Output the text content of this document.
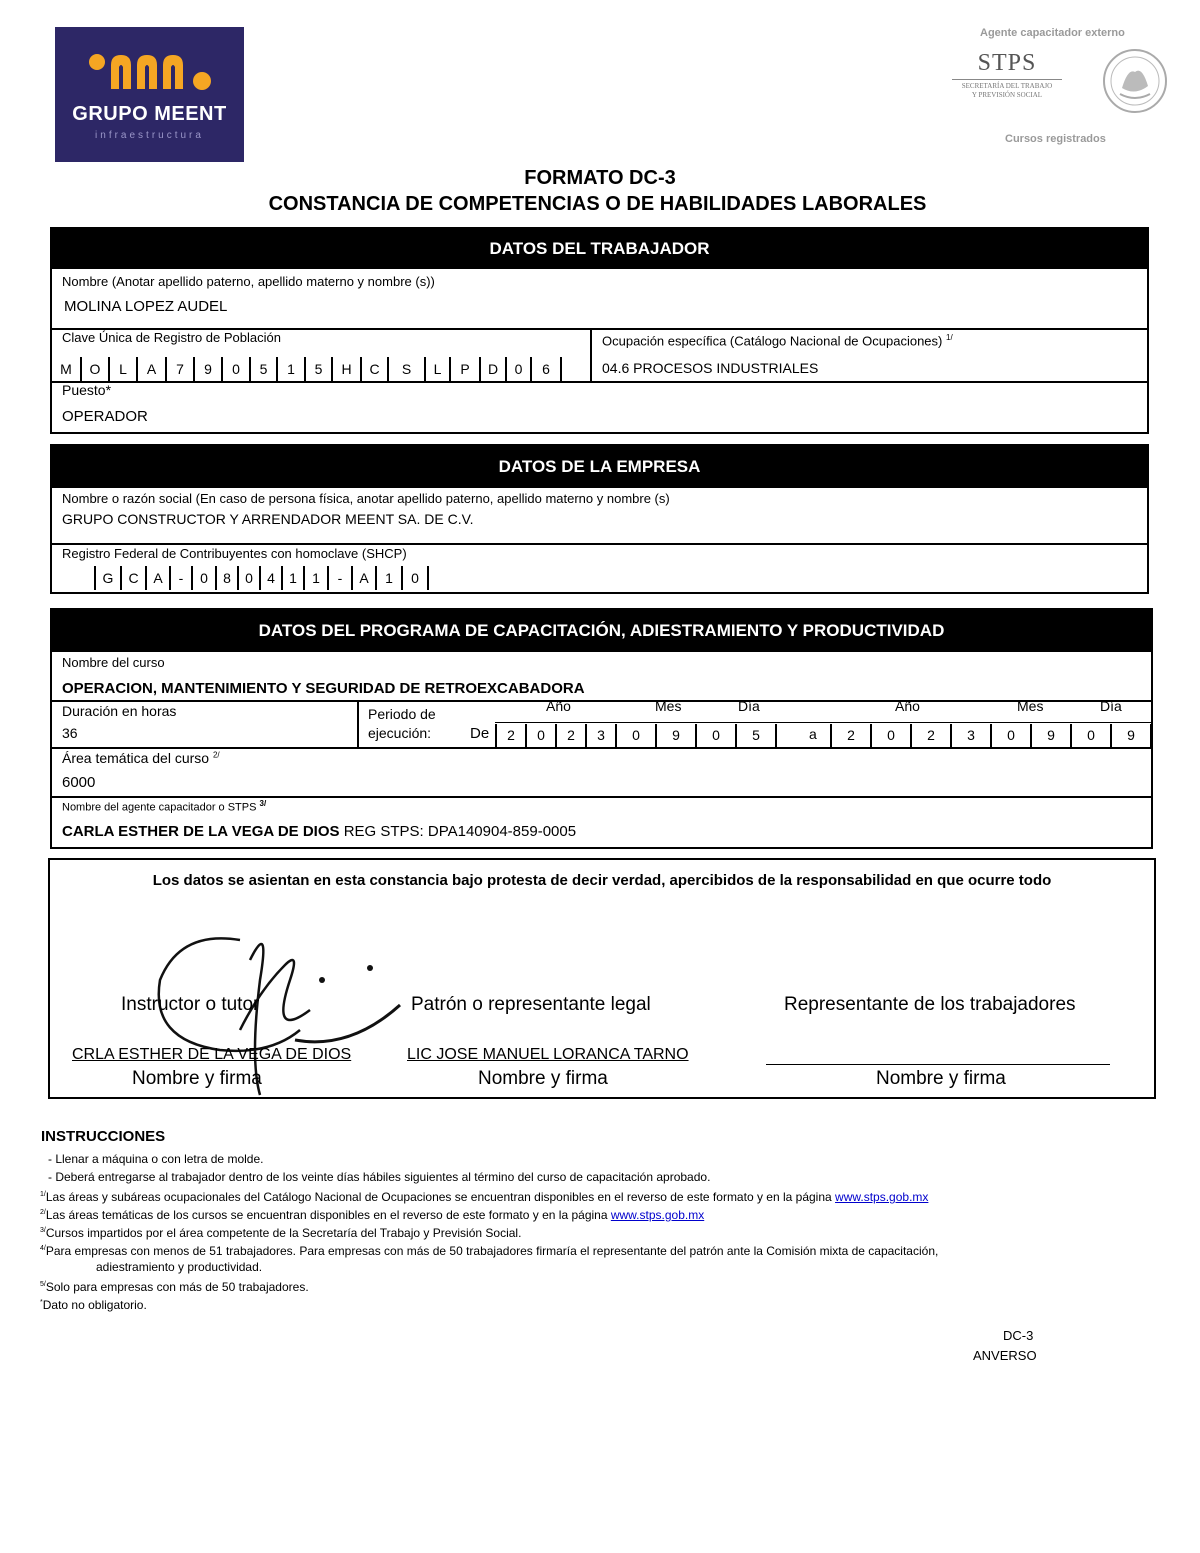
GRUPO MEENT
infraestructura
Agente capacitador externo
STPS
SECRETARÍA DEL TRABAJO
Y PREVISIÓN SOCIAL
Cursos registrados
FORMATO DC-3
CONSTANCIA DE COMPETENCIAS O DE HABILIDADES LABORALES
DATOS DEL TRABAJADOR
Nombre (Anotar apellido paterno, apellido materno y nombre (s))
MOLINA LOPEZ AUDEL
Clave Única de Registro de Población
M	O	L	A	7	9	0	5	1	5	H	C	S	L	P	D	0	6
Ocupación específica (Catálogo Nacional de Ocupaciones) $^{1/}$
04.6 PROCESOS INDUSTRIALES
Puesto*
OPERADOR
DATOS DE LA EMPRESA
Nombre o razón social (En caso de persona física, anotar apellido paterno, apellido materno y nombre (s)
GRUPO CONSTRUCTOR Y ARRENDADOR MEENT SA. DE C.V.
Registro Federal de Contribuyentes con homoclave (SHCP)
G	C	A	-	0	8	0	4	1	1	-	A	1	0
DATOS DEL PROGRAMA DE CAPACITACIÓN, ADIESTRAMIENTO Y PRODUCTIVIDAD
Nombre del curso
OPERACION, MANTENIMIENTO Y SEGURIDAD DE RETROEXCABADORA
Duración en horas
36
Periodo de
ejecución:	De
Año	Mes	Día	Año	Mes	Día
2	0	2	3	0	9	0	5	a	2	0	2	3	0	9	0	9
Área temática del curso $^{2/}$
6000
Nombre del agente capacitador o STPS $^{3/}$
CARLA ESTHER DE LA VEGA DE DIOS REG STPS: DPA140904-859-0005
Los datos se asientan en esta constancia bajo protesta de decir verdad, apercibidos de la responsabilidad en que ocurre todo
Instructor o tutor	Patrón o representante legal	Representante de los trabajadores
CRLA ESTHER DE LA VEGA DE DIOS	LIC JOSE MANUEL LORANCA TARNO
Nombre y firma	Nombre y firma	Nombre y firma
INSTRUCCIONES
- Llenar a máquina o con letra de molde.
- Deberá entregarse al trabajador dentro de los veinte días hábiles siguientes al término del curso de capacitación aprobado.
$^{1/}$Las áreas y subáreas ocupacionales del Catálogo Nacional de Ocupaciones se encuentran disponibles en el reverso de este formato y en la página www.stps.gob.mx
$^{2/}$Las áreas temáticas de los cursos se encuentran disponibles en el reverso de este formato y en la página www.stps.gob.mx
$^{3/}$Cursos impartidos por el área competente de la Secretaría del Trabajo y Previsión Social.
$^{4/}$Para empresas con menos de 51 trabajadores. Para empresas con más de 50 trabajadores firmaría el representante del patrón ante la Comisión mixta de capacitación,
adiestramiento y productividad.
$^{5/}$Solo para empresas con más de 50 trabajadores.
*Dato no obligatorio.
DC-3
ANVERSO
